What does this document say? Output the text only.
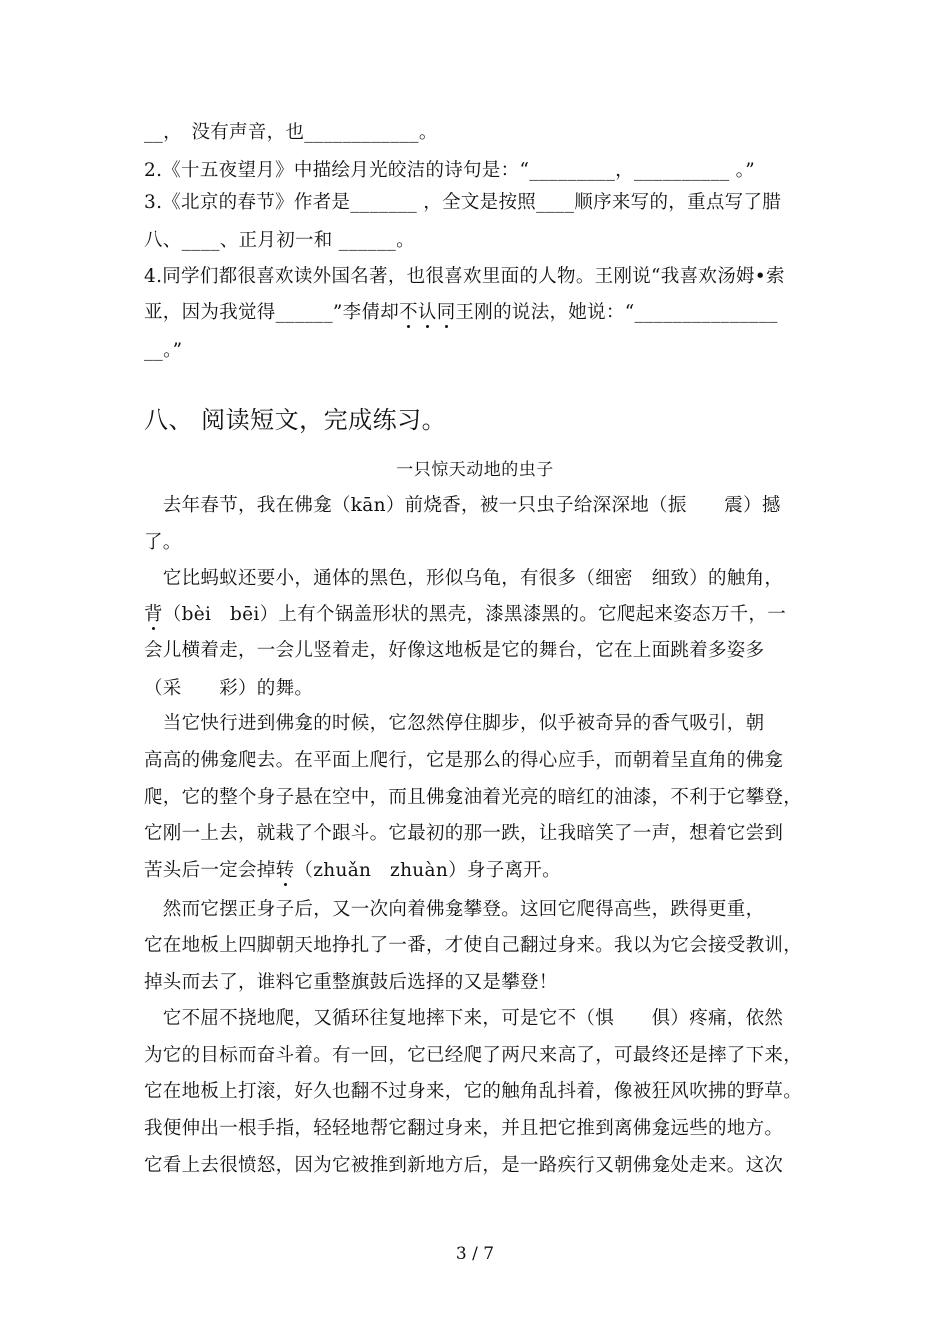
__，　没有声音，也____________。
2.《十五夜望月》中描绘月光皎洁的诗句是：“_________，__________ 。”
3.《北京的春节》作者是_______ ，全文是按照____顺序来写的，重点写了腊
八、____、正月初一和 ______。
4.同学们都很喜欢读外国名著，也很喜欢里面的人物。王刚说“我喜欢汤姆•索
亚，因为我觉得______”李倩却不认同王刚的说法，她说：“_______________
__。”
八、 阅读短文，完成练习。
一只惊天动地的虫子
　去年春节，我在佛龛（kān）前烧香，被一只虫子给深深地（振　　震）撼
了。
　它比蚂蚁还要小，通体的黑色，形似乌龟，有很多（细密　细致）的触角，
背（bèi　bēi）上有个锅盖形状的黑壳，漆黑漆黑的。它爬起来姿态万千，一
会儿横着走，一会儿竖着走，好像这地板是它的舞台，它在上面跳着多姿多
（采　　彩）的舞。
　当它快行进到佛龛的时候，它忽然停住脚步，似乎被奇异的香气吸引，朝
高高的佛龛爬去。在平面上爬行，它是那么的得心应手，而朝着呈直角的佛龛
爬，它的整个身子悬在空中，而且佛龛油着光亮的暗红的油漆，不利于它攀登，
它刚一上去，就栽了个跟斗。它最初的那一跌，让我暗笑了一声，想着它尝到
苦头后一定会掉转（zhuǎn　zhuàn）身子离开。
　然而它摆正身子后，又一次向着佛龛攀登。这回它爬得高些，跌得更重，
它在地板上四脚朝天地挣扎了一番，才使自己翻过身来。我以为它会接受教训，
掉头而去了，谁料它重整旗鼓后选择的又是攀登！
　它不屈不挠地爬，又循环往复地摔下来，可是它不（惧　　俱）疼痛，依然
为它的目标而奋斗着。有一回，它已经爬了两尺来高了，可最终还是摔了下来，
它在地板上打滚，好久也翻不过身来，它的触角乱抖着，像被狂风吹拂的野草。
我便伸出一根手指，轻轻地帮它翻过身来，并且把它推到离佛龛远些的地方。
它看上去很愤怒，因为它被推到新地方后，是一路疾行又朝佛龛处走来。这次
3 / 7
